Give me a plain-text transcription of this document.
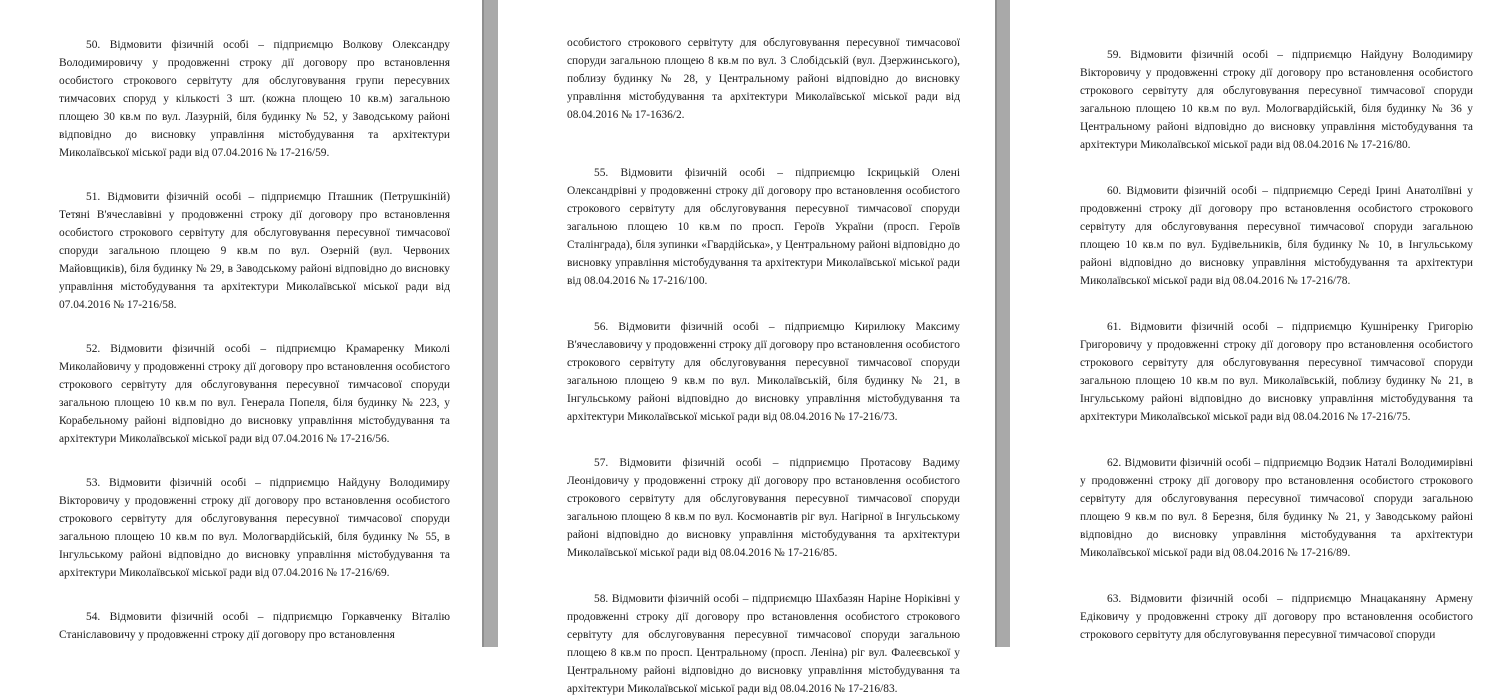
50. Відмовити фізичній особі – підприємцю Волкову Олександру Володимировичу у продовженні строку дії договору про встановлення особистого строкового сервітуту для обслуговування групи пересувних тимчасових споруд у кількості 3 шт. (кожна площею 10 кв.м) загальною площею 30 кв.м по вул. Лазурній, біля будинку № 52, у Заводському районі відповідно до висновку управління містобудування та архітектури Миколаївської міської ради від 07.04.2016 № 17-216/59.

51. Відмовити фізичній особі – підприємцю Пташник (Петрушкіній) Тетяні В'ячеславівні у продовженні строку дії договору про встановлення особистого строкового сервітуту для обслуговування пересувної тимчасової споруди загальною площею 9 кв.м по вул. Озерній (вул. Червоних Майовщиків), біля будинку № 29, в Заводському районі відповідно до висновку управління містобудування та архітектури Миколаївської міської ради від 07.04.2016 № 17-216/58.

52. Відмовити фізичній особі – підприємцю Крамаренку Миколі Миколайовичу у продовженні строку дії договору про встановлення особистого строкового сервітуту для обслуговування пересувної тимчасової споруди загальною площею 10 кв.м по вул. Генерала Попеля, біля будинку № 223, у Корабельному районі відповідно до висновку управління містобудування та архітектури Миколаївської міської ради від 07.04.2016 № 17-216/56.

53. Відмовити фізичній особі – підприємцю Найдуну Володимиру Вікторовичу у продовженні строку дії договору про встановлення особистого строкового сервітуту для обслуговування пересувної тимчасової споруди загальною площею 10 кв.м по вул. Мологвардійській, біля будинку № 55, в Інгульському районі відповідно до висновку управління містобудування та архітектури Миколаївської міської ради від 07.04.2016 № 17-216/69.

54. Відмовити фізичній особі – підприємцю Горкавченку Віталію Станіславовичу у продовженні строку дії договору про встановлення

особистого строкового сервітуту для обслуговування пересувної тимчасової споруди загальною площею 8 кв.м по вул. 3 Слобідській (вул. Дзержинського), поблизу будинку № 28, у Центральному районі відповідно до висновку управління містобудування та архітектури Миколаївської міської ради від 08.04.2016 № 17-1636/2.

55. Відмовити фізичній особі – підприємцю Іскрицькій Олені Олександрівні у продовженні строку дії договору про встановлення особистого строкового сервітуту для обслуговування пересувної тимчасової споруди загальною площею 10 кв.м по просп. Героїв України (просп. Героїв Сталінграда), біля зупинки «Гвардійська», у Центральному районі відповідно до висновку управління містобудування та архітектури Миколаївської міської ради від 08.04.2016 № 17-216/100.

56. Відмовити фізичній особі – підприємцю Кирилюку Максиму В'ячеславовичу у продовженні строку дії договору про встановлення особистого строкового сервітуту для обслуговування пересувної тимчасової споруди загальною площею 9 кв.м по вул. Миколаївській, біля будинку № 21, в Інгульському районі відповідно до висновку управління містобудування та архітектури Миколаївської міської ради від 08.04.2016 № 17-216/73.

57. Відмовити фізичній особі – підприємцю Протасову Вадиму Леонідовичу у продовженні строку дії договору про встановлення особистого строкового сервітуту для обслуговування пересувної тимчасової споруди загальною площею 8 кв.м по вул. Космонавтів ріг вул. Нагірної в Інгульському районі відповідно до висновку управління містобудування та архітектури Миколаївської міської ради від 08.04.2016 № 17-216/85.

58. Відмовити фізичній особі – підприємцю Шахбазян Наріне Норіківні у продовженні строку дії договору про встановлення особистого строкового сервітуту для обслуговування пересувної тимчасової споруди загальною площею 8 кв.м по просп. Центральному (просп. Леніна) ріг вул. Фалеєвської у Центральному районі відповідно до висновку управління містобудування та архітектури Миколаївської міської ради від 08.04.2016 № 17-216/83.

59. Відмовити фізичній особі – підприємцю Найдуну Володимиру Вікторовичу у продовженні строку дії договору про встановлення особистого строкового сервітуту для обслуговування пересувної тимчасової споруди загальною площею 10 кв.м по вул. Мологвардійській, біля будинку № 36 у Центральному районі відповідно до висновку управління містобудування та архітектури Миколаївської міської ради від 08.04.2016 № 17-216/80.

60. Відмовити фізичній особі – підприємцю Середі Ірині Анатоліївні у продовженні строку дії договору про встановлення особистого строкового сервітуту для обслуговування пересувної тимчасової споруди загальною площею 10 кв.м по вул. Будівельників, біля будинку № 10, в Інгульському районі відповідно до висновку управління містобудування та архітектури Миколаївської міської ради від 08.04.2016 № 17-216/78.

61. Відмовити фізичній особі – підприємцю Кушніренку Григорію Григоровичу у продовженні строку дії договору про встановлення особистого строкового сервітуту для обслуговування пересувної тимчасової споруди загальною площею 10 кв.м по вул. Миколаївській, поблизу будинку № 21, в Інгульському районі відповідно до висновку управління містобудування та архітектури Миколаївської міської ради від 08.04.2016 № 17-216/75.

62. Відмовити фізичній особі – підприємцю Водзик Наталі Володимирівні у продовженні строку дії договору про встановлення особистого строкового сервітуту для обслуговування пересувної тимчасової споруди загальною площею 9 кв.м по вул. 8 Березня, біля будинку № 21, у Заводському районі відповідно до висновку управління містобудування та архітектури Миколаївської міської ради від 08.04.2016 № 17-216/89.

63. Відмовити фізичній особі – підприємцю Мнацаканяну Армену Едіковичу у продовженні строку дії договору про встановлення особистого строкового сервітуту для обслуговування пересувної тимчасової споруди
